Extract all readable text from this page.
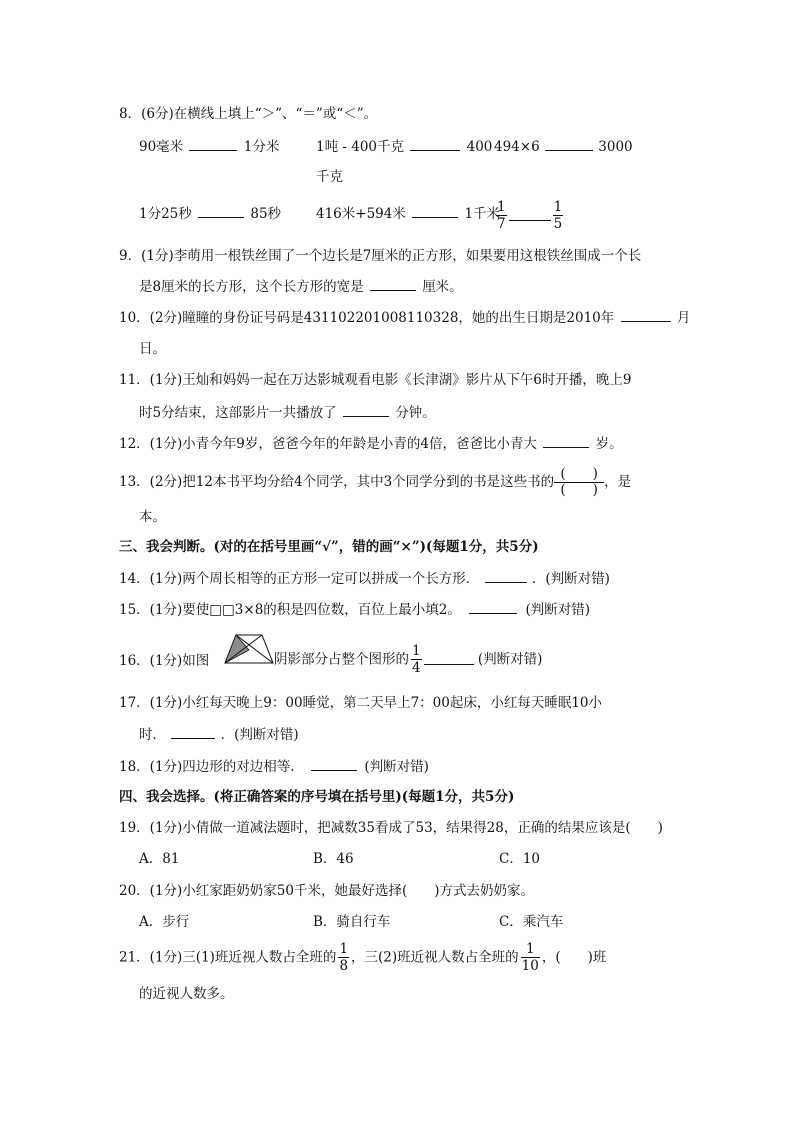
8．(6分)在横线上填上“＞”、“＝”或“＜”。
90毫米	1分米	1吨 - 400千克	400
千克
494×6	3000
1分25秒	85秒	416米+594米	1千米
$\frac{1}{7}$	$\frac{1}{5}$
9．(1分)李萌用一根铁丝围了一个边长是7厘米的正方形，如果要用这根铁丝围成一个长
是8厘米的长方形，这个长方形的宽是	厘米。
10．(2分)瞳瞳的身份证号码是431102201008110328，她的出生日期是2010年	月
日。
11．(1分)王灿和妈妈一起在万达影城观看电影《长津湖》影片从下午6时开播，晚上9
时5分结束，这部影片一共播放了	分钟。
12．(1分)小青今年9岁，爸爸今年的年龄是小青的4倍，爸爸比小青大	岁。
13．(2分)把12本书平均分给4个同学，其中3个同学分到的书是这些书的 $\frac{( )}{( )}$，是
本。
三、我会判断。(对的在括号里画“√”，错的画“×”)(每题1分，共5分)
14．(1分)两个周长相等的正方形一定可以拼成一个长方形．	．(判断对错)
15．(1分)要使□□3×8的积是四位数，百位上最小填2。	(判断对错)
16．(1分)如图	阴影部分占整个图形的 $\frac{1}{4}$	(判断对错)
17．(1分)小红每天晚上9：00睡觉，第二天早上7：00起床，小红每天睡眠10小
时．	．(判断对错)
18．(1分)四边形的对边相等．	(判断对错)
四、我会选择。(将正确答案的序号填在括号里)(每题1分，共5分)
19．(1分)小倩做一道减法题时，把减数35看成了53，结果得28，正确的结果应该是(　　)
A．81	B．46	C．10
20．(1分)小红家距奶奶家50千米，她最好选择(　　)方式去奶奶家。
A．步行	B．骑自行车	C．乘汽车
21．(1分)三(1)班近视人数占全班的 $\frac{1}{8}$ ，三(2)班近视人数占全班的 $\frac{1}{10}$ ，(　　)班
的近视人数多。
